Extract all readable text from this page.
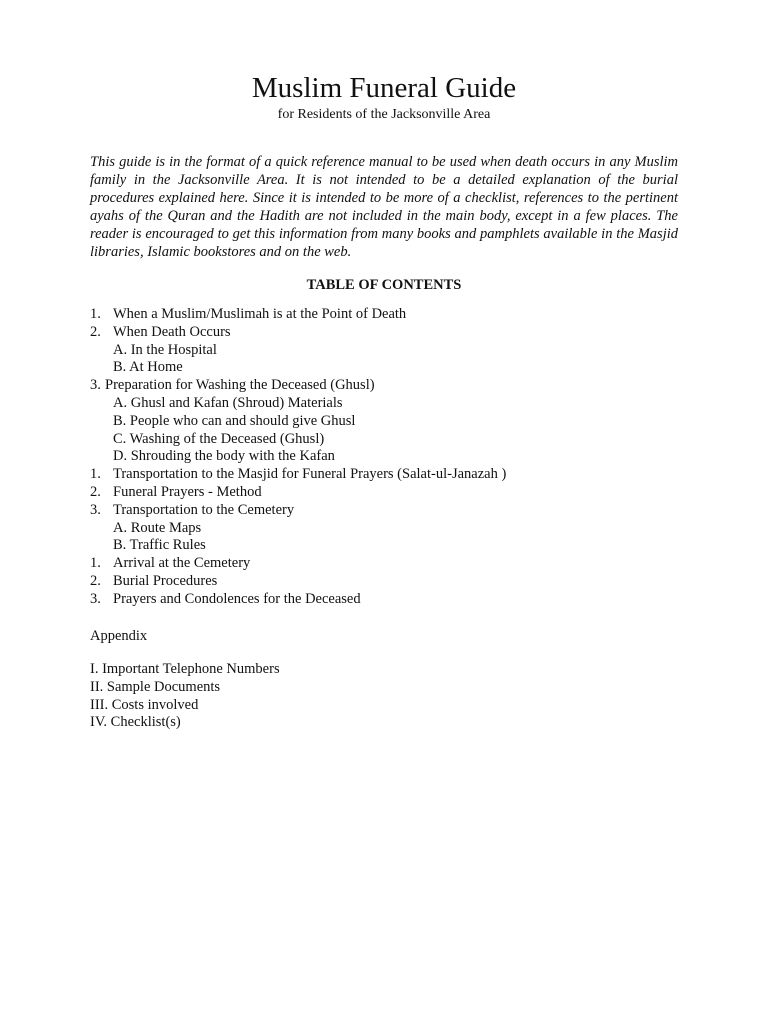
Muslim Funeral Guide
for Residents of the Jacksonville Area

This guide is in the format of a quick reference manual to be used when death occurs in any Muslim family in the Jacksonville Area. It is not intended to be a detailed explanation of the burial procedures explained here. Since it is intended to be more of a checklist, references to the pertinent ayahs of the Quran and the Hadith are not included in the main body, except in a few places. The reader is encouraged to get this information from many books and pamphlets available in the Masjid libraries, Islamic bookstores and on the web.

TABLE OF CONTENTS
1. When a Muslim/Muslimah is at the Point of Death
2. When Death Occurs
A. In the Hospital
B. At Home
3. Preparation for Washing the Deceased (Ghusl)
A. Ghusl and Kafan (Shroud) Materials
B. People who can and should give Ghusl
C. Washing of the Deceased (Ghusl)
D. Shrouding the body with the Kafan
1. Transportation to the Masjid for Funeral Prayers (Salat-ul-Janazah )
2. Funeral Prayers - Method
3. Transportation to the Cemetery
A. Route Maps
B. Traffic Rules
1. Arrival at the Cemetery
2. Burial Procedures
3. Prayers and Condolences for the Deceased
Appendix
I. Important Telephone Numbers
II. Sample Documents
III. Costs involved
IV. Checklist(s)
